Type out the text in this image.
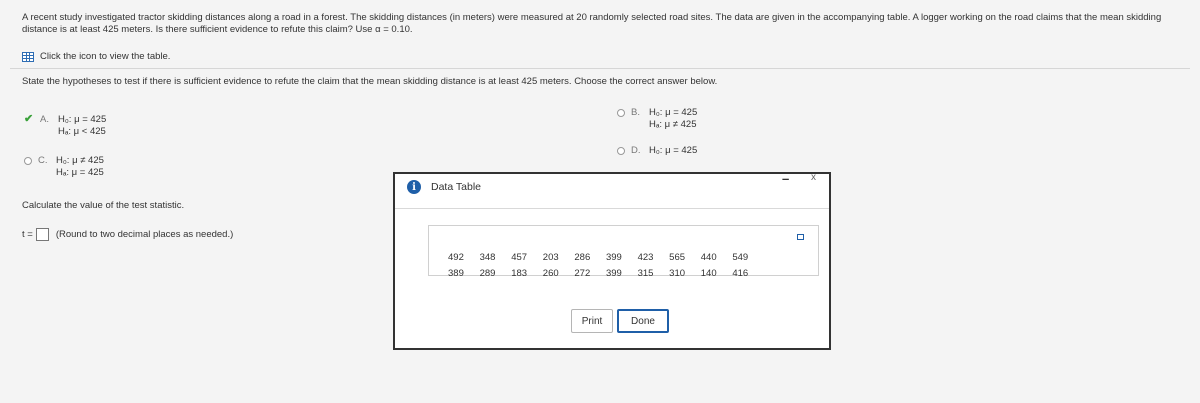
A recent study investigated tractor skidding distances along a road in a forest. The skidding distances (in meters) were measured at 20 randomly selected road sites. The data are given in the accompanying table. A logger working on the road claims that the mean skidding distance is at least 425 meters. Is there sufficient evidence to refute this claim? Use α = 0.10.
Click the icon to view the table.
State the hypotheses to test if there is sufficient evidence to refute the claim that the mean skidding distance is at least 425 meters. Choose the correct answer below.
✔ A. H₀: μ = 425
Hₐ: μ < 425
B. H₀: μ = 425
Hₐ: μ ≠ 425
C. H₀: μ ≠ 425
Hₐ: μ = 425
D. H₀: μ = 425
Calculate the value of the test statistic.
t = (Round to two decimal places as needed.)
i	Data Table
– x
492	348	457	203	286	399	423	565	440	549
389	289	183	260	272	399	315	310	140	416
Print	Done
